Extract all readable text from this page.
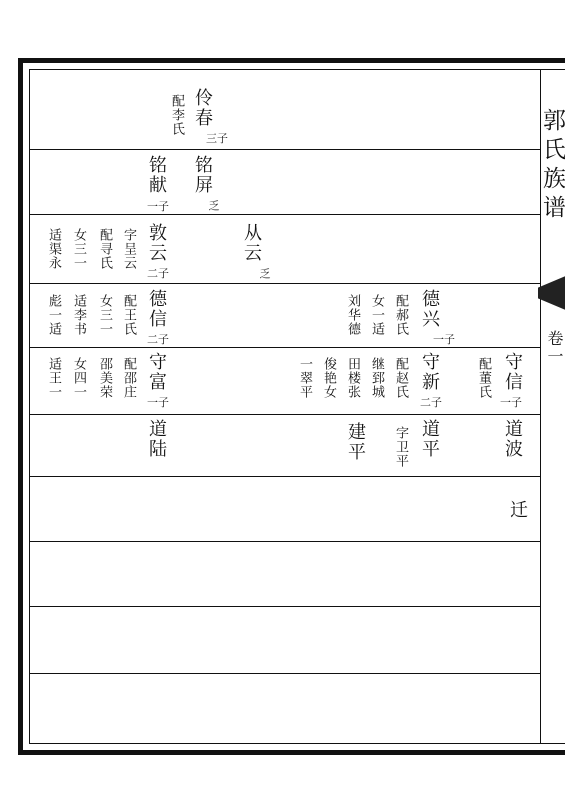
郭氏族谱
卷一
伶春
配李氏
三子
铭屏
乏
铭献
一子
从云
乏
敦云
二子
字呈云
配寻氏
女三一
适渠永
德兴
一子
配郝氏
女一适
刘华德
德信
二子
配王氏
女三一
适李书
彪一适
守信
一子
配董氏
守新
二子
配赵氏
继郅城
田楼张
俊艳女
一翠平
守富
一子
配邵庄
邵美荣
女四一
适王一
道波
道平
字卫平
建平
道陆
迁
